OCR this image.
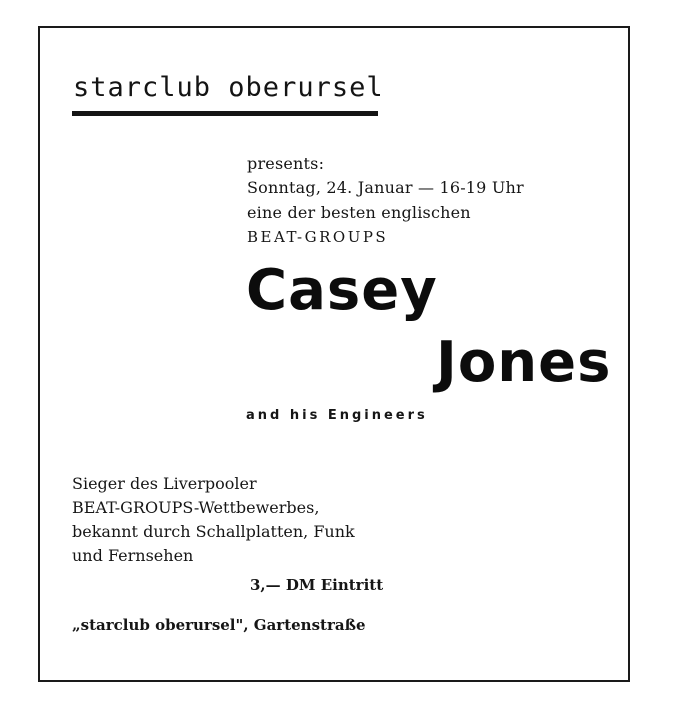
starclub oberursel
presents:
Sonntag, 24. Januar — 16-19 Uhr
eine der besten englischen
BEAT-GROUPS
Casey
Jones
and his Engineers
Sieger des Liverpooler
BEAT-GROUPS-Wettbewerbes,
bekannt durch Schallplatten, Funk
und Fernsehen
3,— DM Eintritt
„starclub oberursel", Gartenstraße
